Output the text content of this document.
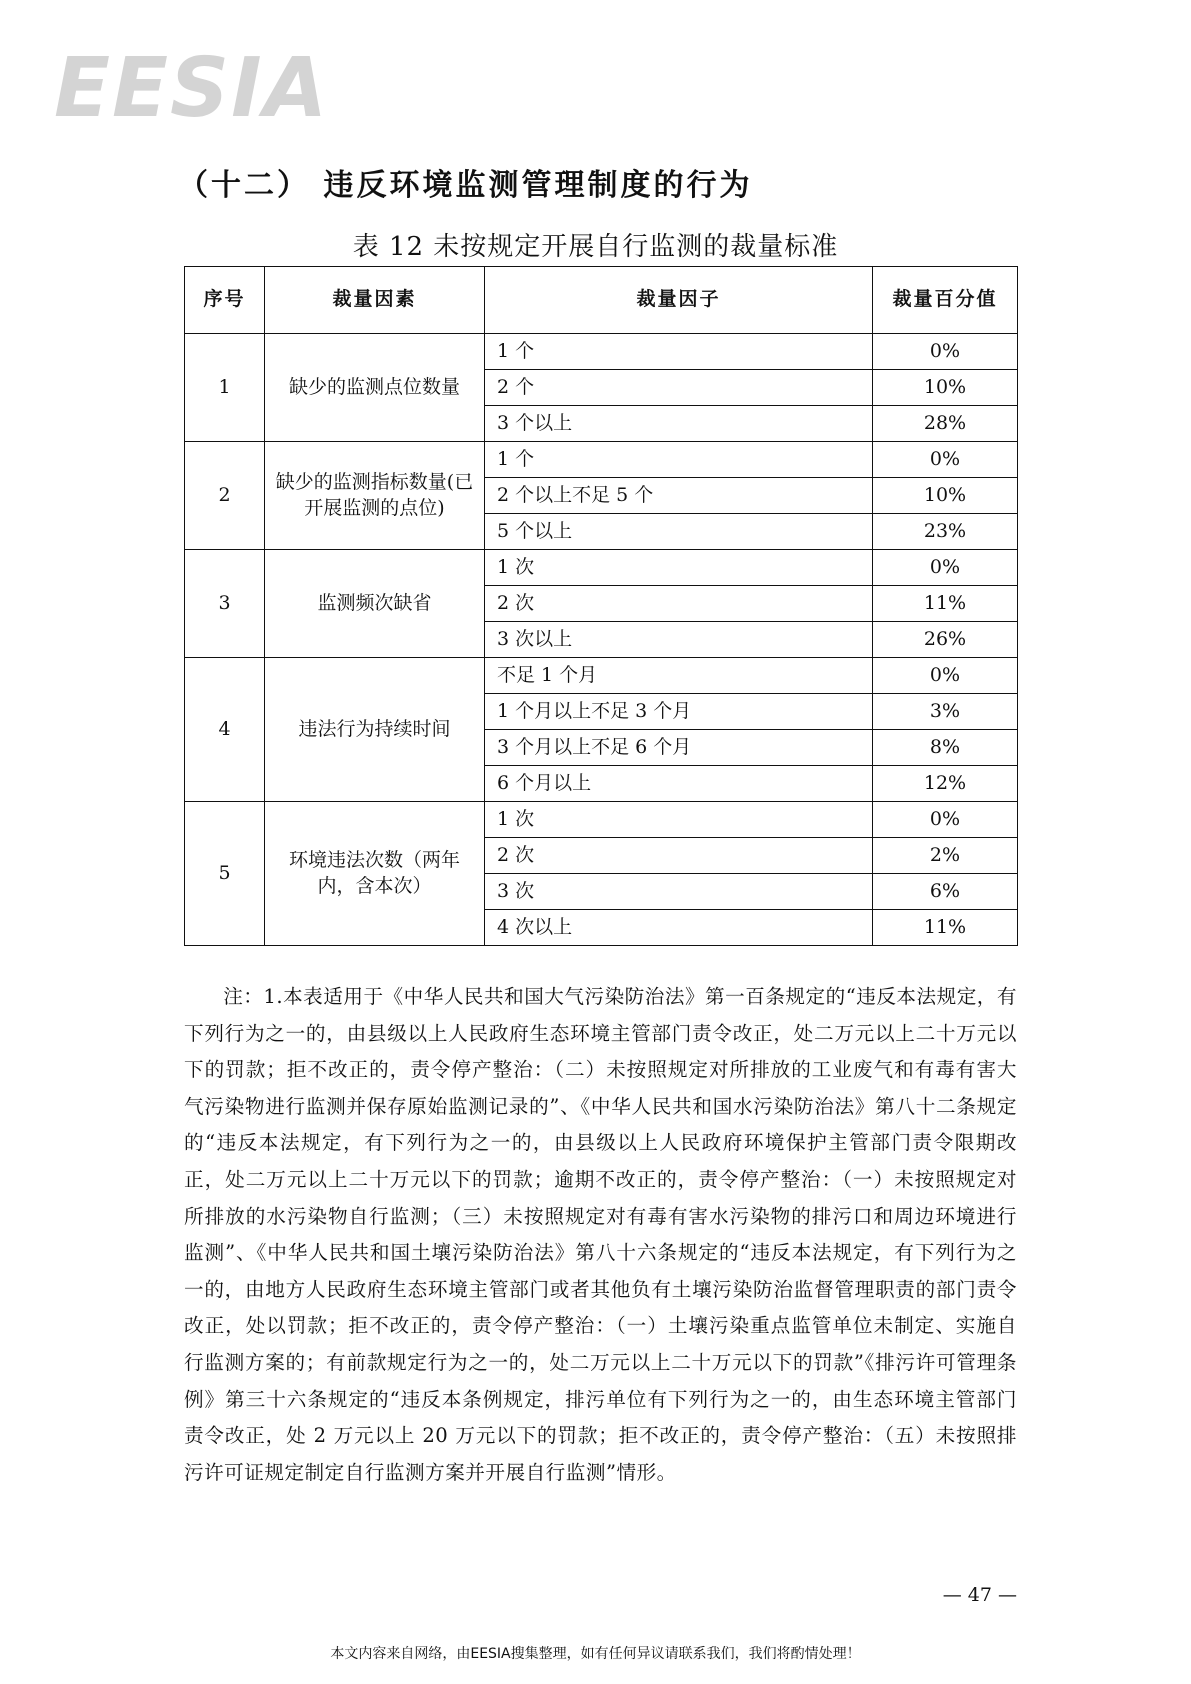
EESIA
（十二） 违反环境监测管理制度的行为
表 12 未按规定开展自行监测的裁量标准
序号	裁量因素	裁量因子	裁量百分值
1	缺少的监测点位数量	1 个	0%
		2 个	10%
		3 个以上	28%
2	缺少的监测指标数量(已开展监测的点位)	1 个	0%
		2 个以上不足 5 个	10%
		5 个以上	23%
3	监测频次缺省	1 次	0%
		2 次	11%
		3 次以上	26%
4	违法行为持续时间	不足 1 个月	0%
		1 个月以上不足 3 个月	3%
		3 个月以上不足 6 个月	8%
		6 个月以上	12%
5	环境违法次数（两年内，含本次）	1 次	0%
		2 次	2%
		3 次	6%
		4 次以上	11%
注：1.本表适用于《中华人民共和国大气污染防治法》第一百条规定的“违反本法规定，有下列行为之一的，由县级以上人民政府生态环境主管部门责令改正，处二万元以上二十万元以下的罚款；拒不改正的，责令停产整治：（二）未按照规定对所排放的工业废气和有毒有害大气污染物进行监测并保存原始监测记录的”、《中华人民共和国水污染防治法》第八十二条规定的“违反本法规定，有下列行为之一的，由县级以上人民政府环境保护主管部门责令限期改正，处二万元以上二十万元以下的罚款；逾期不改正的，责令停产整治：（一）未按照规定对所排放的水污染物自行监测；（三）未按照规定对有毒有害水污染物的排污口和周边环境进行监测”、《中华人民共和国土壤污染防治法》第八十六条规定的“违反本法规定，有下列行为之一的，由地方人民政府生态环境主管部门或者其他负有土壤污染防治监督管理职责的部门责令改正，处以罚款；拒不改正的，责令停产整治：（一）土壤污染重点监管单位未制定、实施自行监测方案的；有前款规定行为之一的，处二万元以上二十万元以下的罚款”《排污许可管理条例》第三十六条规定的“违反本条例规定，排污单位有下列行为之一的，由生态环境主管部门责令改正，处 2 万元以上 20 万元以下的罚款；拒不改正的，责令停产整治：（五）未按照排污许可证规定制定自行监测方案并开展自行监测”情形。
— 47 —
本文内容来自网络，由EESIA搜集整理，如有任何异议请联系我们，我们将酌情处理！
